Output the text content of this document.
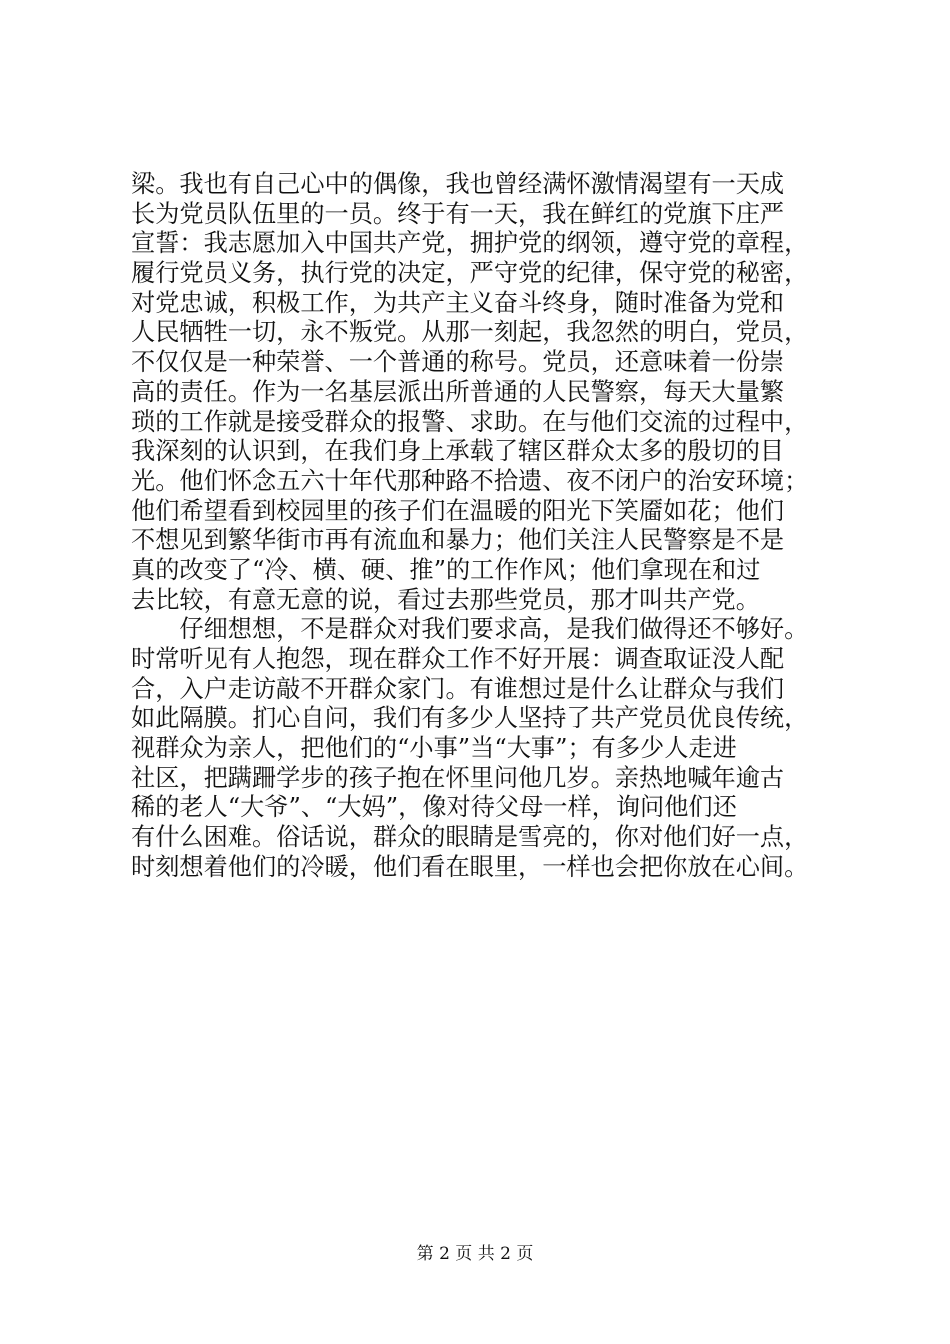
梁。我也有自己心中的偶像，我也曾经满怀激情渴望有一天成
长为党员队伍里的一员。终于有一天，我在鲜红的党旗下庄严
宣誓：我志愿加入中国共产党，拥护党的纲领，遵守党的章程，
履行党员义务，执行党的决定，严守党的纪律，保守党的秘密，
对党忠诚，积极工作，为共产主义奋斗终身，随时准备为党和
人民牺牲一切，永不叛党。从那一刻起，我忽然的明白，党员，
不仅仅是一种荣誉、一个普通的称号。党员，还意味着一份崇
高的责任。作为一名基层派出所普通的人民警察，每天大量繁
琐的工作就是接受群众的报警、求助。在与他们交流的过程中，
我深刻的认识到，在我们身上承载了辖区群众太多的殷切的目
光。他们怀念五六十年代那种路不拾遗、夜不闭户的治安环境；
他们希望看到校园里的孩子们在温暖的阳光下笑靥如花；他们
不想见到繁华街市再有流血和暴力；他们关注人民警察是不是
真的改变了“冷、横、硬、推”的工作作风；他们拿现在和过
去比较，有意无意的说，看过去那些党员，那才叫共产党。
　　仔细想想，不是群众对我们要求高，是我们做得还不够好。
时常听见有人抱怨，现在群众工作不好开展：调查取证没人配
合，入户走访敲不开群众家门。有谁想过是什么让群众与我们
如此隔膜。扪心自问，我们有多少人坚持了共产党员优良传统，
视群众为亲人，把他们的“小事”当“大事”；有多少人走进
社区，把蹒跚学步的孩子抱在怀里问他几岁。亲热地喊年逾古
稀的老人“大爷”、“大妈”，像对待父母一样，询问他们还
有什么困难。俗话说，群众的眼睛是雪亮的，你对他们好一点，
时刻想着他们的冷暖，他们看在眼里，一样也会把你放在心间。
第 2 页 共 2 页
